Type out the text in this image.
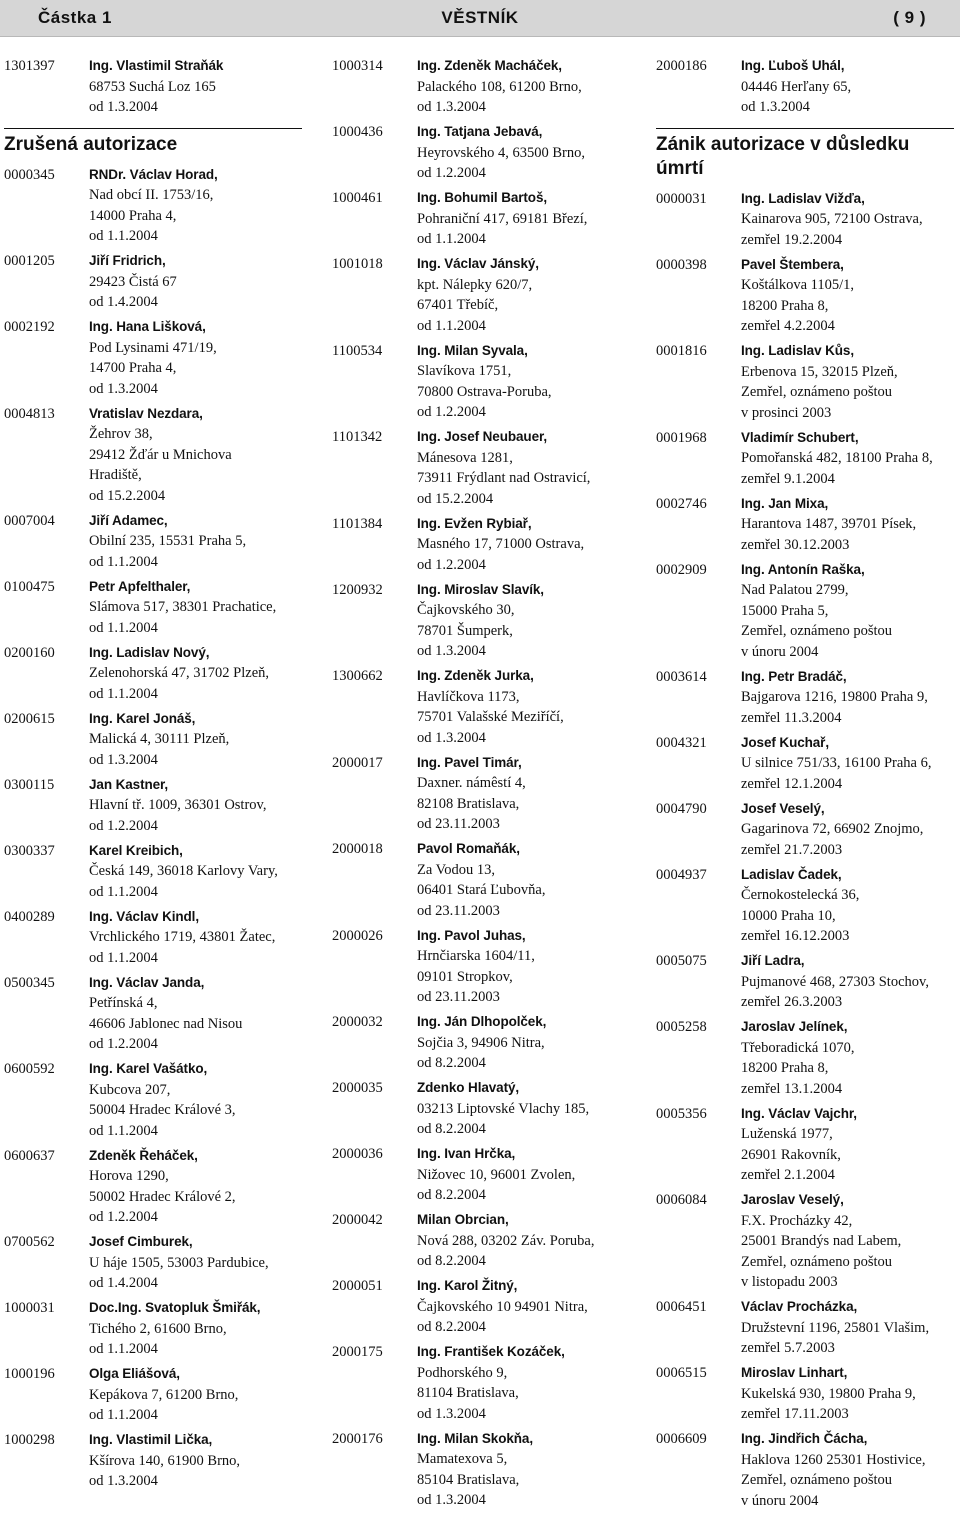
Částka 1	VĚSTNÍK	( 9 )
1301397	Ing. Vlastimil Straňák
68753 Suchá Loz 165
od 1.3.2004
Zrušená autorizace
0000345	RNDr. Václav Horad,
Nad obcí II. 1753/16,
14000 Praha 4,
od 1.1.2004
0001205	Jiří Fridrich,
29423 Čistá 67
od 1.4.2004
0002192	Ing. Hana Lišková,
Pod Lysinami 471/19,
14700 Praha 4,
od 1.3.2004
0004813	Vratislav Nezdara,
Žehrov 38,
29412 Žďár u Mnichova
Hradiště,
od 15.2.2004
0007004	Jiří Adamec,
Obilní 235, 15531 Praha 5,
od 1.1.2004
0100475	Petr Apfelthaler,
Slámova 517, 38301 Prachatice,
od 1.1.2004
0200160	Ing. Ladislav Nový,
Zelenohorská 47, 31702 Plzeň,
od 1.1.2004
0200615	Ing. Karel Jonáš,
Malická 4, 30111 Plzeň,
od 1.3.2004
0300115	Jan Kastner,
Hlavní tř. 1009, 36301 Ostrov,
od 1.2.2004
0300337	Karel Kreibich,
Česká 149, 36018 Karlovy Vary,
od 1.1.2004
0400289	Ing. Václav Kindl,
Vrchlického 1719, 43801 Žatec,
od 1.1.2004
0500345	Ing. Václav Janda,
Petřínská 4,
46606 Jablonec nad Nisou
od 1.2.2004
0600592	Ing. Karel Vašátko,
Kubcova 207,
50004 Hradec Králové 3,
od 1.1.2004
0600637	Zdeněk Řeháček,
Horova 1290,
50002 Hradec Králové 2,
od 1.2.2004
0700562	Josef Cimburek,
U háje 1505, 53003 Pardubice,
od 1.4.2004
1000031	Doc.Ing. Svatopluk Šmiřák,
Tichého 2, 61600 Brno,
od 1.1.2004
1000196	Olga Eliášová,
Kepákova 7, 61200 Brno,
od 1.1.2004
1000298	Ing. Vlastimil Lička,
Kšírova 140, 61900 Brno,
od 1.3.2004
1000314	Ing. Zdeněk Macháček,
Palackého 108, 61200 Brno,
od 1.3.2004
1000436	Ing. Tatjana Jebavá,
Heyrovského 4, 63500 Brno,
od 1.2.2004
1000461	Ing. Bohumil Bartoš,
Pohraniční 417, 69181 Březí,
od 1.1.2004
1001018	Ing. Václav Jánský,
kpt. Nálepky 620/7,
67401 Třebíč,
od 1.1.2004
1100534	Ing. Milan Syvala,
Slavíkova 1751,
70800 Ostrava-Poruba,
od 1.2.2004
1101342	Ing. Josef Neubauer,
Mánesova 1281,
73911 Frýdlant nad Ostravicí,
od 15.2.2004
1101384	Ing. Evžen Rybiař,
Masného 17, 71000 Ostrava,
od 1.2.2004
1200932	Ing. Miroslav Slavík,
Čajkovského 30,
78701 Šumperk,
od 1.3.2004
1300662	Ing. Zdeněk Jurka,
Havlíčkova 1173,
75701 Valašské Meziříčí,
od 1.3.2004
2000017	Ing. Pavel Timár,
Daxner. námêstí 4,
82108 Bratislava,
od 23.11.2003
2000018	Pavol Romaňák,
Za Vodou 13,
06401 Stará Ľubovňa,
od 23.11.2003
2000026	Ing. Pavol Juhas,
Hrnčiarska 1604/11,
09101 Stropkov,
od 23.11.2003
2000032	Ing. Ján Dlhopolček,
Sojčia 3, 94906 Nitra,
od 8.2.2004
2000035	Zdenko Hlavatý,
03213 Liptovské Vlachy 185,
od 8.2.2004
2000036	Ing. Ivan Hrčka,
Nižovec 10, 96001 Zvolen,
od 8.2.2004
2000042	Milan Obrcian,
Nová 288, 03202 Záv. Poruba,
od 8.2.2004
2000051	Ing. Karol Žitný,
Čajkovského 10 94901 Nitra,
od 8.2.2004
2000175	Ing. František Kozáček,
Podhorského 9,
81104 Bratislava,
od 1.3.2004
2000176	Ing. Milan Skokňa,
Mamatexova 5,
85104 Bratislava,
od 1.3.2004
2000186	Ing. Ľuboš Uhál,
04446 Herľany 65,
od 1.3.2004
Zánik autorizace v důsledku úmrtí
0000031	Ing. Ladislav Vižďa,
Kainarova 905, 72100 Ostrava,
zemřel 19.2.2004
0000398	Pavel Štembera,
Koštálkova 1105/1,
18200 Praha 8,
zemřel 4.2.2004
0001816	Ing. Ladislav Kůs,
Erbenova 15, 32015 Plzeň,
Zemřel, oznámeno poštou
v prosinci 2003
0001968	Vladimír Schubert,
Pomořanská 482, 18100 Praha 8,
zemřel 9.1.2004
0002746	Ing. Jan Mixa,
Harantova 1487, 39701 Písek,
zemřel 30.12.2003
0002909	Ing. Antonín Raška,
Nad Palatou 2799,
15000 Praha 5,
Zemřel, oznámeno poštou
v únoru 2004
0003614	Ing. Petr Bradáč,
Bajgarova 1216, 19800 Praha 9,
zemřel 11.3.2004
0004321	Josef Kuchař,
U silnice 751/33, 16100 Praha 6,
zemřel 12.1.2004
0004790	Josef Veselý,
Gagarinova 72, 66902 Znojmo,
zemřel 21.7.2003
0004937	Ladislav Čadek,
Černokostelecká 36,
10000 Praha 10,
zemřel 16.12.2003
0005075	Jiří Ladra,
Pujmanové 468, 27303 Stochov,
zemřel 26.3.2003
0005258	Jaroslav Jelínek,
Třeboradická 1070,
18200 Praha 8,
zemřel 13.1.2004
0005356	Ing. Václav Vajchr,
Luženská 1977,
26901 Rakovník,
zemřel 2.1.2004
0006084	Jaroslav Veselý,
F.X. Procházky 42,
25001 Brandýs nad Labem,
Zemřel, oznámeno poštou
v listopadu 2003
0006451	Václav Procházka,
Družstevní 1196, 25801 Vlašim,
zemřel 5.7.2003
0006515	Miroslav Linhart,
Kukelská 930, 19800 Praha 9,
zemřel 17.11.2003
0006609	Ing. Jindřich Čácha,
Haklova 1260 25301 Hostivice,
Zemřel, oznámeno poštou
v únoru 2004
